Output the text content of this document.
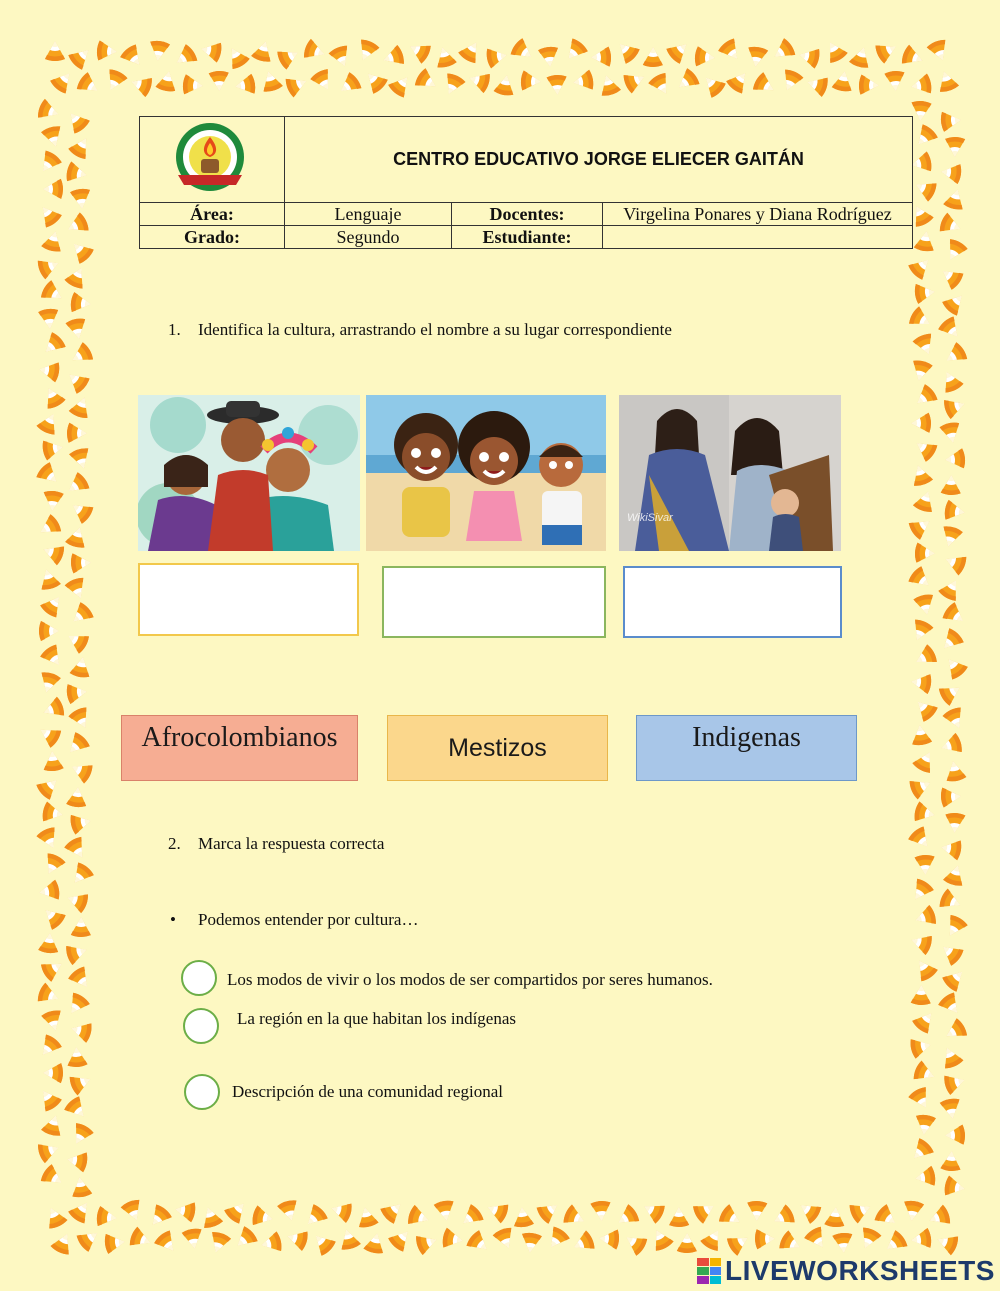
	CENTRO EDUCATIVO JORGE ELIECER GAITÁN		
Área:	Lenguaje	Docentes:	Virgelina Ponares y Diana Rodríguez
Grado:	Segundo	Estudiante:	
1. Identifica la cultura, arrastrando el nombre a su lugar correspondiente
WikiSivar
Afrocolombianos	Mestizos	Indigenas
2. Marca la respuesta correcta
• Podemos entender por cultura…
Los modos de vivir o los modos de ser compartidos por seres humanos.
La región en la que habitan los indígenas
Descripción de una comunidad regional
LIVEWORKSHEETS
